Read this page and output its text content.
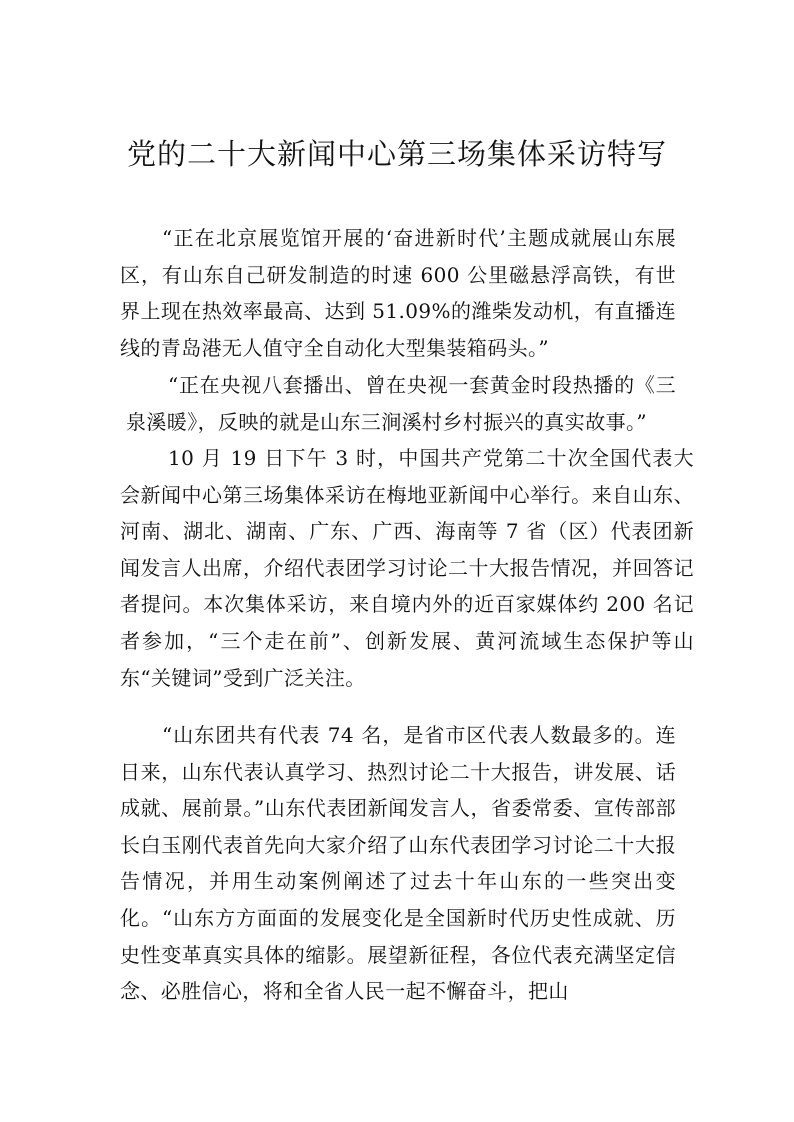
党的二十大新闻中心第三场集体采访特写

“正在北京展览馆开展的‘奋进新时代’主题成就展山东展区，有山东自己研发制造的时速 600 公里磁悬浮高铁，有世界上现在热效率最高、达到 51.09%的潍柴发动机，有直播连线的青岛港无人值守全自动化大型集装箱码头。”

“正在央视八套播出、曾在央视一套黄金时段热播的《三泉溪暖》，反映的就是山东三涧溪村乡村振兴的真实故事。”

10 月 19 日下午 3 时，中国共产党第二十次全国代表大会新闻中心第三场集体采访在梅地亚新闻中心举行。来自山东、河南、湖北、湖南、广东、广西、海南等 7 省（区）代表团新闻发言人出席，介绍代表团学习讨论二十大报告情况，并回答记者提问。本次集体采访，来自境内外的近百家媒体约 200 名记者参加，“三个走在前”、创新发展、黄河流域生态保护等山东“关键词”受到广泛关注。

“山东团共有代表 74 名，是省市区代表人数最多的。连日来，山东代表认真学习、热烈讨论二十大报告，讲发展、话成就、展前景。”山东代表团新闻发言人，省委常委、宣传部部长白玉刚代表首先向大家介绍了山东代表团学习讨论二十大报告情况，并用生动案例阐述了过去十年山东的一些突出变化。“山东方方面面的发展变化是全国新时代历史性成就、历史性变革真实具体的缩影。展望新征程，各位代表充满坚定信念、必胜信心，将和全省人民一起不懈奋斗，把山
